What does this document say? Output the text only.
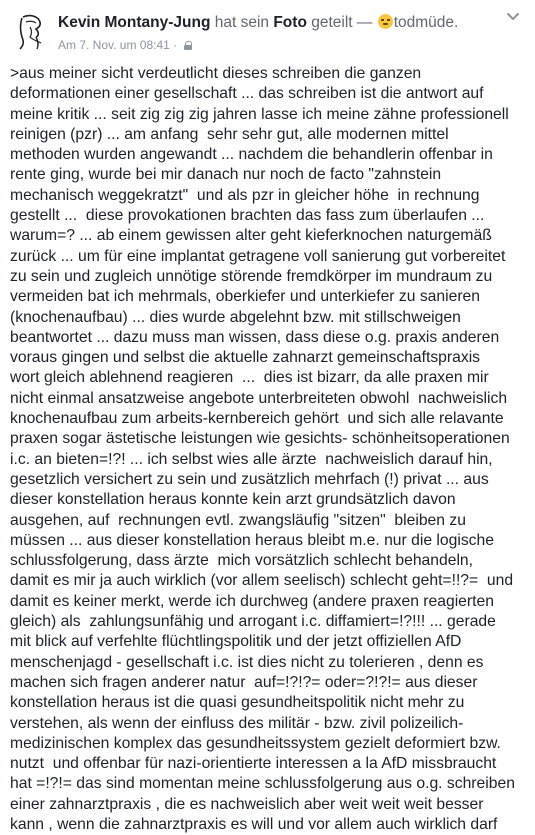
Kevin Montany-Jung hat sein Foto geteilt — todmüde.
Am 7. Nov. um 08:41 ·
>aus meiner sicht verdeutlicht dieses schreiben die ganzen
deformationen einer gesellschaft ... das schreiben ist die antwort auf
meine kritik ... seit zig zig zig jahren lasse ich meine zähne professionell
reinigen (pzr) ... am anfang  sehr sehr gut, alle modernen mittel
methoden wurden angewandt ... nachdem die behandlerin offenbar in
rente ging, wurde bei mir danach nur noch de facto "zahnstein
mechanisch weggekratzt"  und als pzr in gleicher höhe  in rechnung
gestellt ...  diese provokationen brachten das fass zum überlaufen ...
warum=? ... ab einem gewissen alter geht kieferknochen naturgemäß
zurück ... um für eine implantat getragene voll sanierung gut vorbereitet
zu sein und zugleich unnötige störende fremdkörper im mundraum zu
vermeiden bat ich mehrmals, oberkiefer und unterkiefer zu sanieren
(knochenaufbau) ... dies wurde abgelehnt bzw. mit stillschweigen
beantwortet ... dazu muss man wissen, dass diese o.g. praxis anderen
voraus gingen und selbst die aktuelle zahnarzt gemeinschaftspraxis
wort gleich ablehnend reagieren  ...  dies ist bizarr, da alle praxen mir
nicht einmal ansatzweise angebote unterbreiteten obwohl  nachweislich
knochenaufbau zum arbeits-kernbereich gehört  und sich alle relavante
praxen sogar ästetische leistungen wie gesichts- schönheitsoperationen
i.c. an bieten=!?! ... ich selbst wies alle ärzte  nachweislich darauf hin,
gesetzlich versichert zu sein und zusätzlich mehrfach (!) privat ... aus
dieser konstellation heraus konnte kein arzt grundsätzlich davon
ausgehen, auf  rechnungen evtl. zwangsläufig "sitzen"  bleiben zu
müssen ... aus dieser konstellation heraus bleibt m.e. nur die logische
schlussfolgerung, dass ärzte  mich vorsätzlich schlecht behandeln,
damit es mir ja auch wirklich (vor allem seelisch) schlecht geht=!!?=  und
damit es keiner merkt, werde ich durchweg (andere praxen reagierten
gleich) als  zahlungsunfähig und arrogant i.c. diffamiert=!?!!! ... gerade
mit blick auf verfehlte flüchtlingspolitik und der jetzt offiziellen AfD
menschenjagd - gesellschaft i.c. ist dies nicht zu tolerieren , denn es
machen sich fragen anderer natur  auf=!?!?= oder=?!?!= aus dieser
konstellation heraus ist die quasi gesundheitspolitik nicht mehr zu
verstehen, als wenn der einfluss des militär - bzw. zivil polizeilich-
medizinischen komplex das gesundheitssystem gezielt deformiert bzw.
nutzt  und offenbar für nazi-orientierte interessen a la AfD missbraucht
hat =!?!= das sind momentan meine schlussfolgerung aus o.g. schreiben
einer zahnarztpraxis , die es nachweislich aber weit weit weit besser
kann , wenn die zahnarztpraxis es will und vor allem auch wirklich darf
